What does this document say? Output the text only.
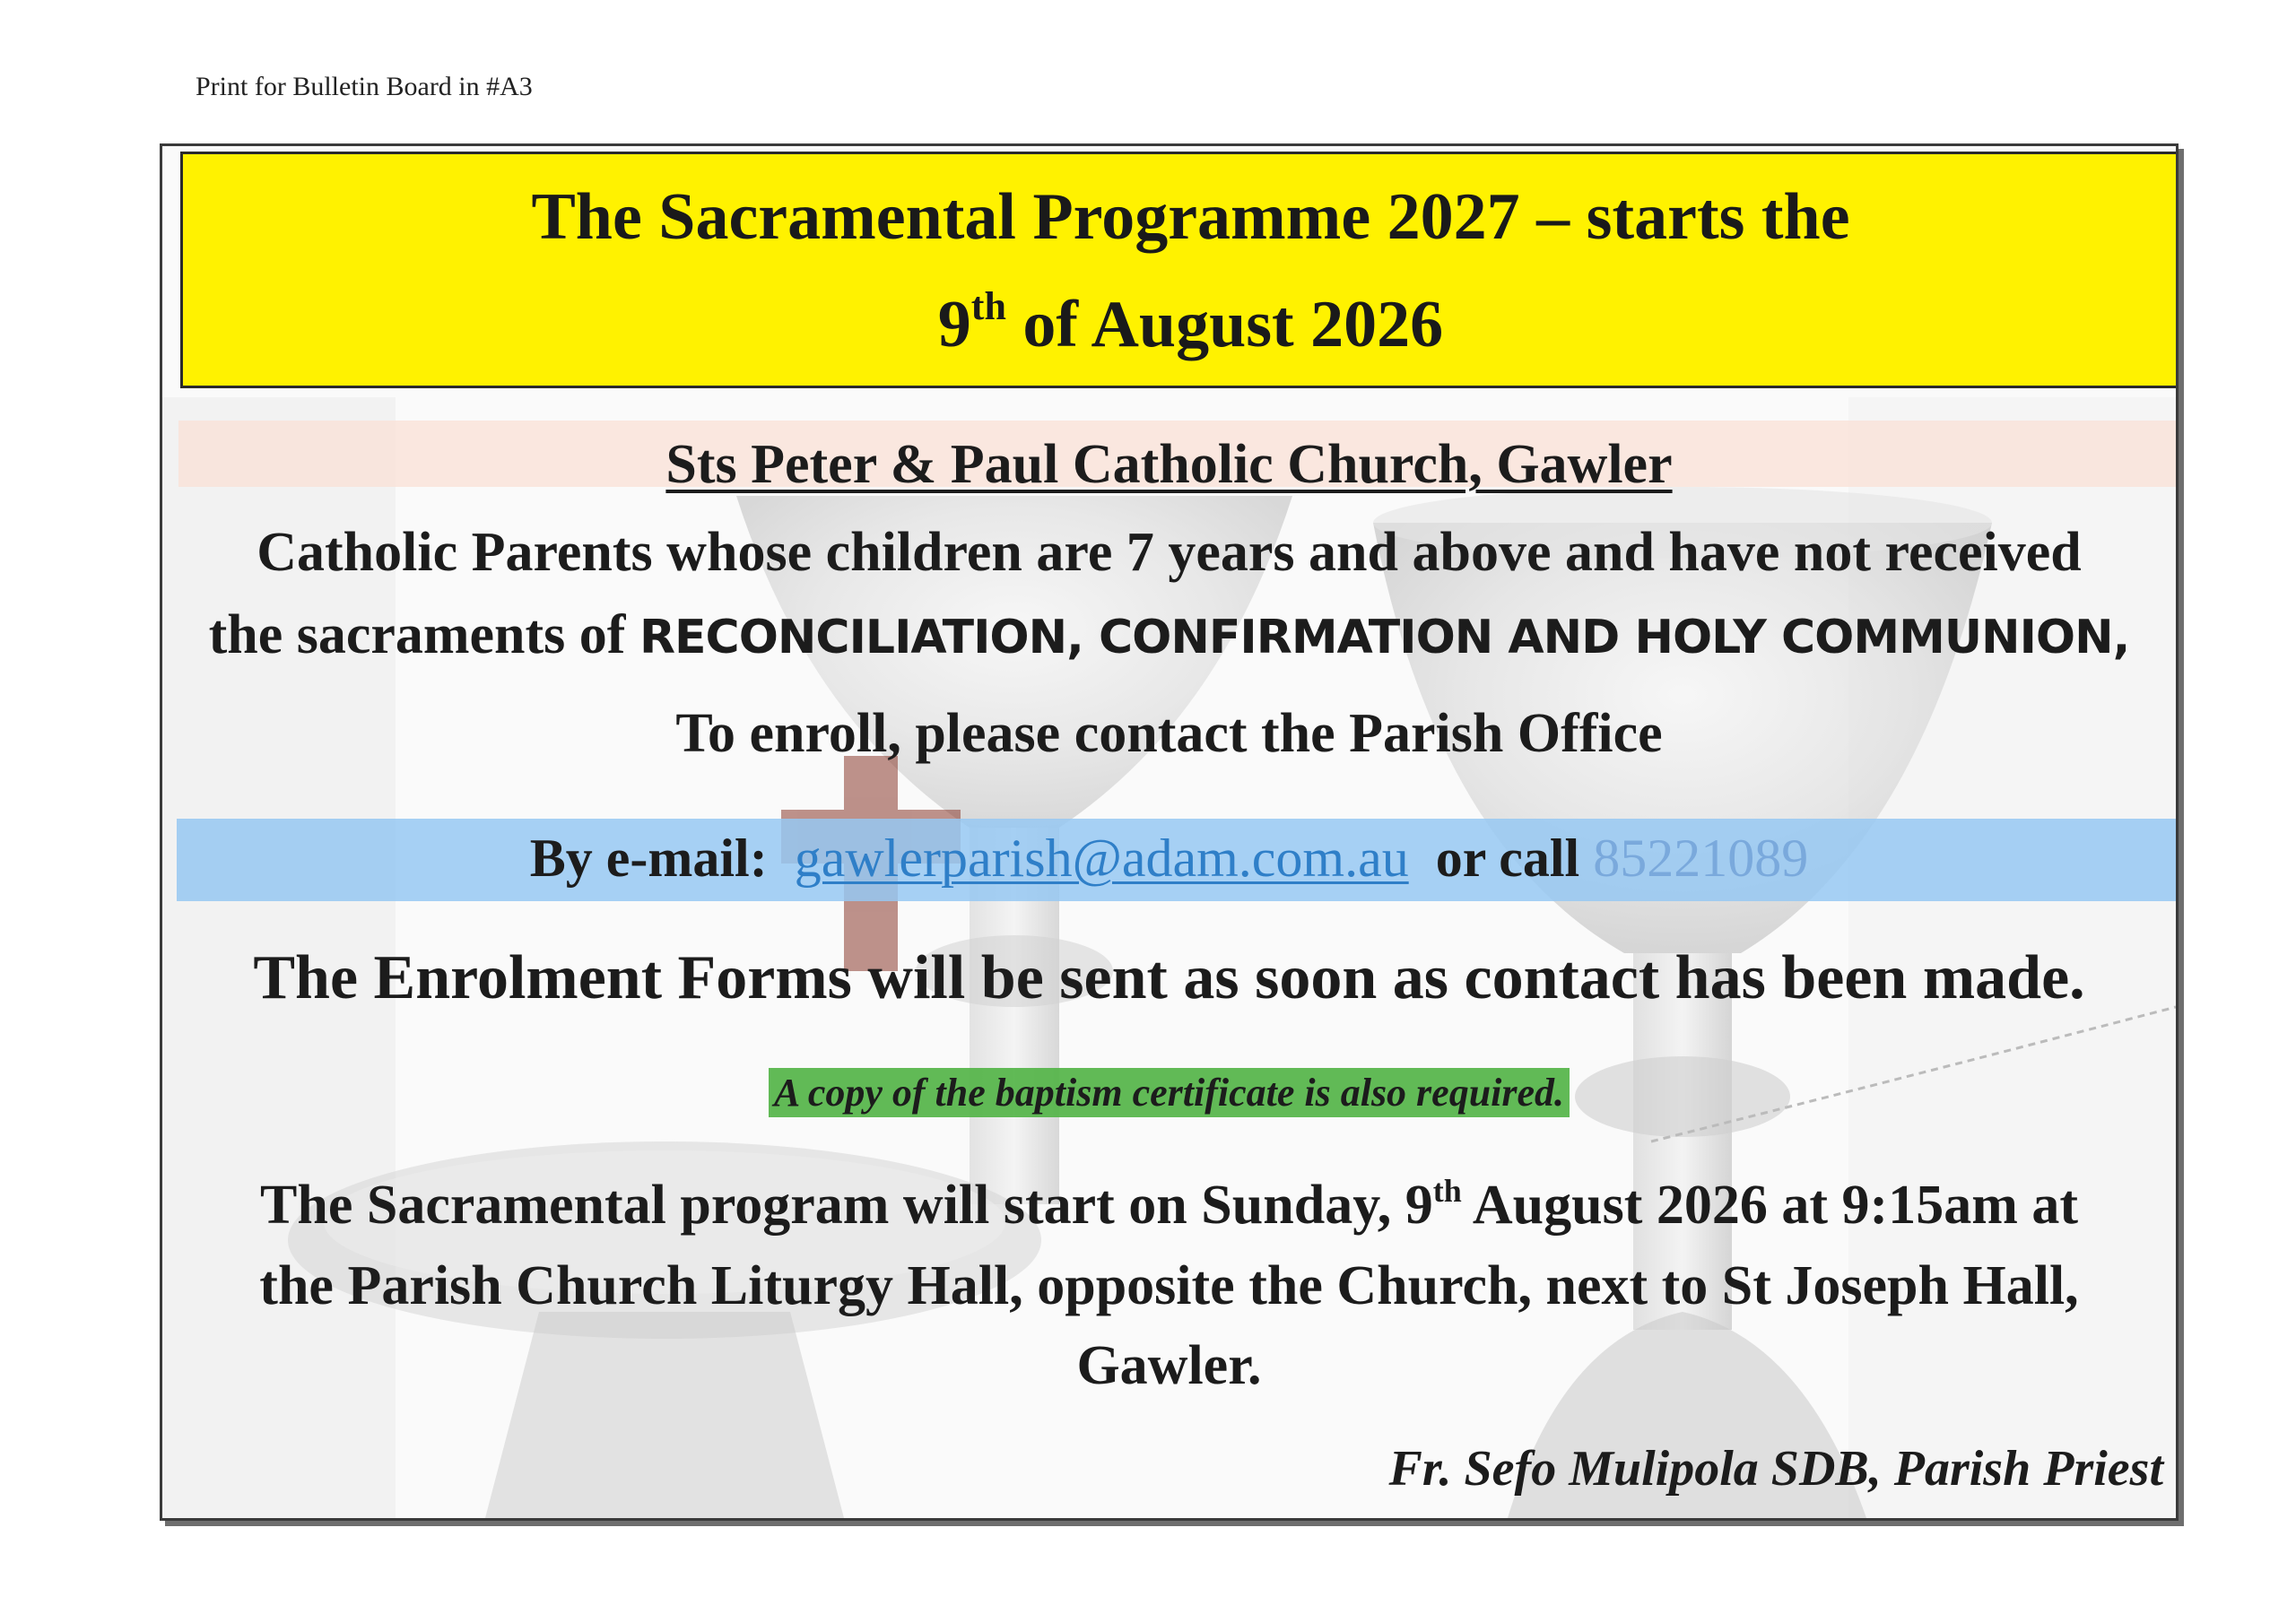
Print for Bulletin Board in #A3
The Sacramental Programme 2027 – starts the
9th of August 2026
Sts Peter & Paul Catholic Church, Gawler
Catholic Parents whose children are 7 years and above and have not received
the sacraments of RECONCILIATION, CONFIRMATION AND HOLY COMMUNION,
To enroll, please contact the Parish Office
By e-mail: gawlerparish@adam.com.au or call 85221089
The Enrolment Forms will be sent as soon as contact has been made.
A copy of the baptism certificate is also required.
The Sacramental program will start on Sunday, 9th August 2026 at 9:15am at
the Parish Church Liturgy Hall, opposite the Church, next to St Joseph Hall,
Gawler.
Fr. Sefo Mulipola SDB, Parish Priest
